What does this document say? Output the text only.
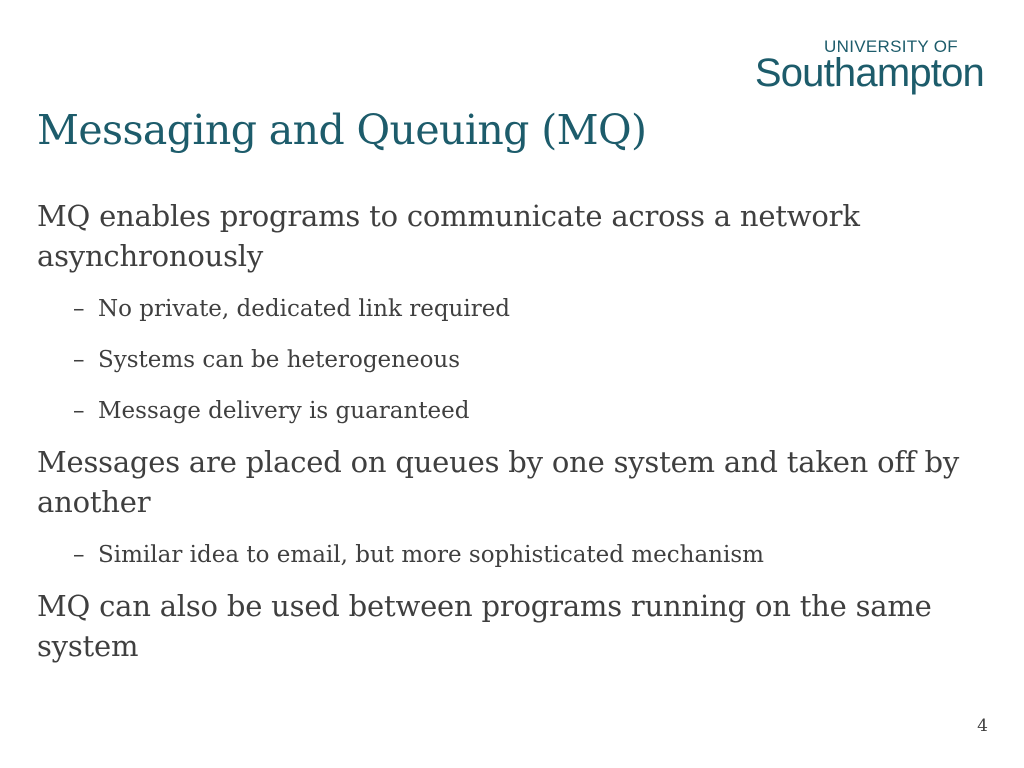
UNIVERSITY OF
Southampton
Messaging and Queuing (MQ)
MQ enables programs to communicate across a network asynchronously
– No private, dedicated link required
– Systems can be heterogeneous
– Message delivery is guaranteed
Messages are placed on queues by one system and taken off by another
– Similar idea to email, but more sophisticated mechanism
MQ can also be used between programs running on the same system
4
